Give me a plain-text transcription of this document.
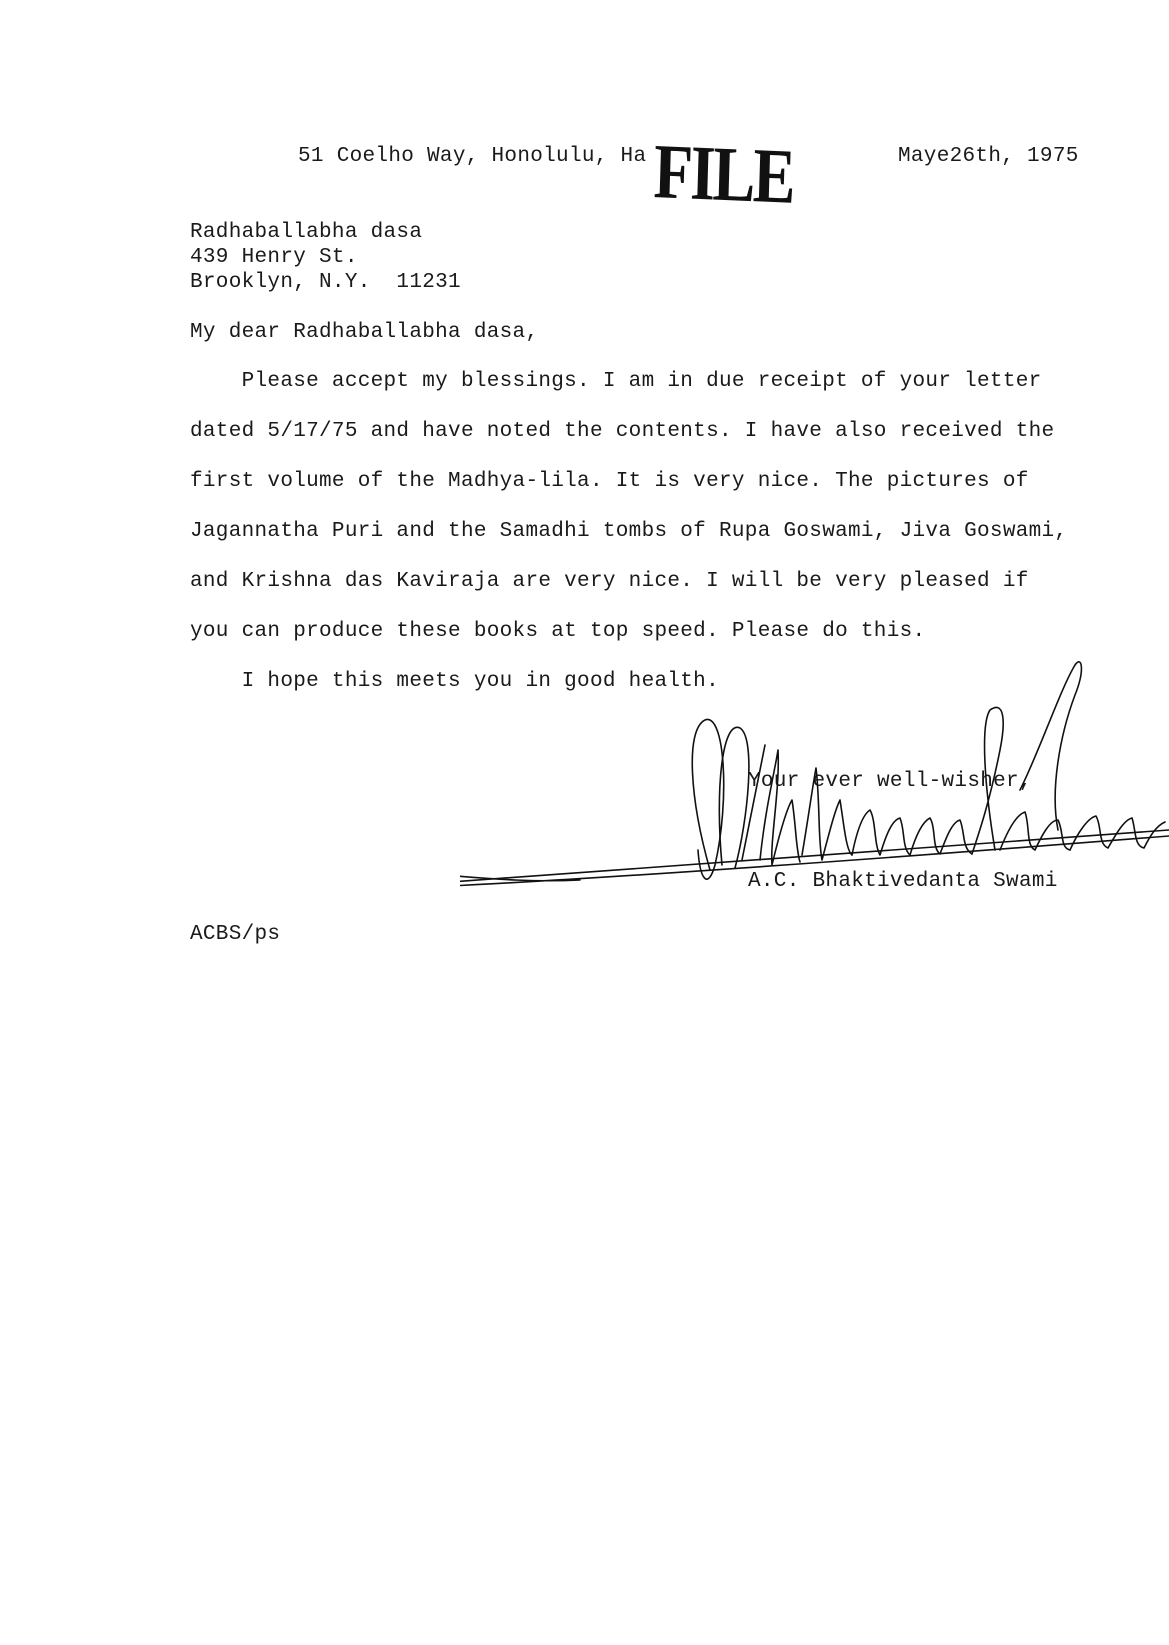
51 Coelho Way, Honolulu, Ha	Maye26th, 1975
FILE
Radhaballabha dasa
439 Henry St.
Brooklyn, N.Y.  11231
My dear Radhaballabha dasa,
Please accept my blessings. I am in due receipt of your letter
dated 5/17/75 and have noted the contents. I have also received the
first volume of the Madhya-lila. It is very nice. The pictures of
Jagannatha Puri and the Samadhi tombs of Rupa Goswami, Jiva Goswami,
and Krishna das Kaviraja are very nice. I will be very pleased if
you can produce these books at top speed. Please do this.
I hope this meets you in good health.
Your ever well-wisher,
A.C. Bhaktivedanta Swami
ACBS/ps
